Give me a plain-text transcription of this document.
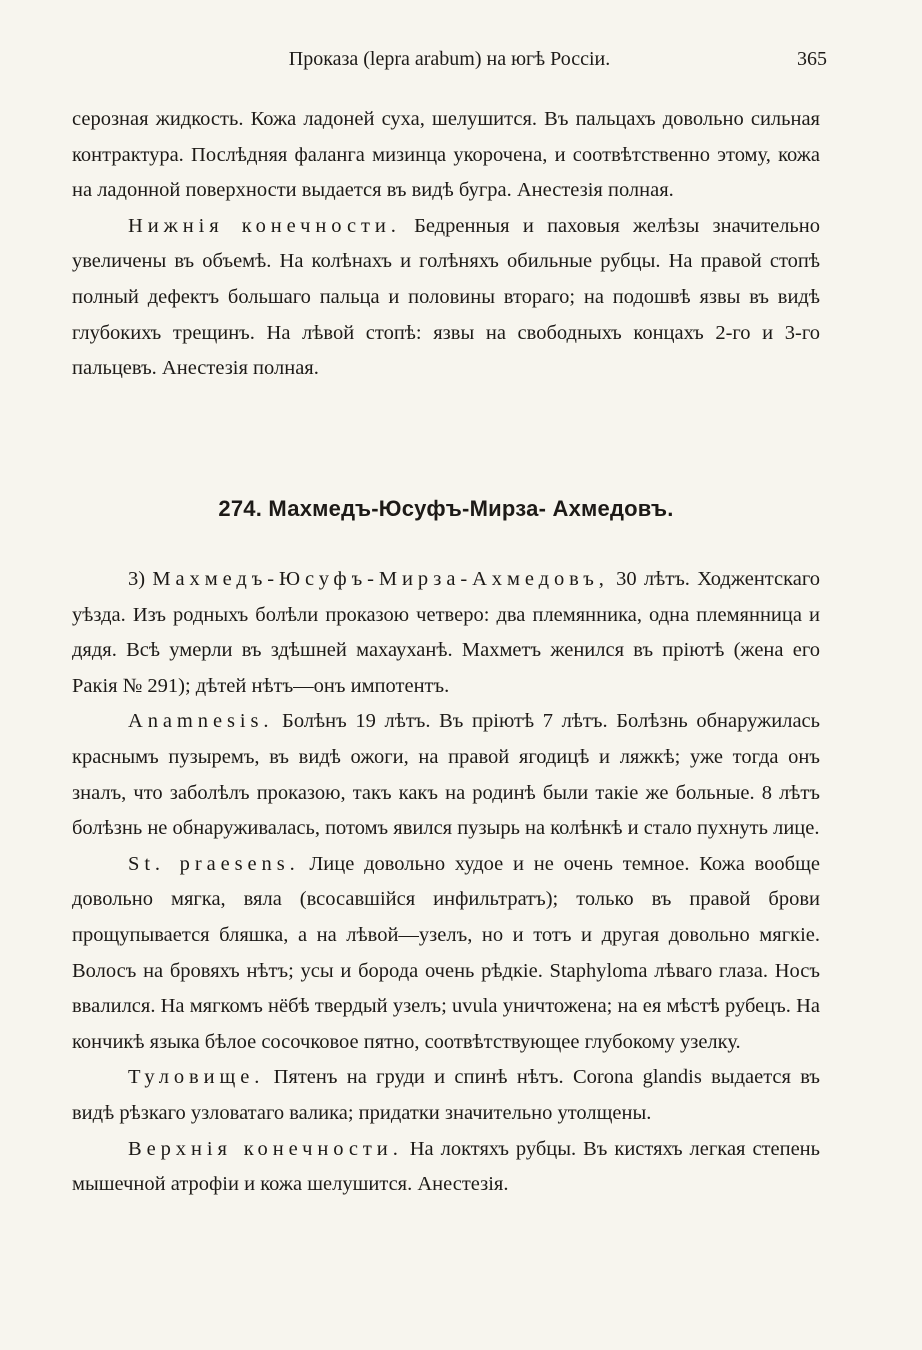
Проказа (lepra arabum) на югѣ Россіи.	365

серозная жидкость. Кожа ладоней суха, шелушится. Въ пальцахъ довольно сильная контрактура. Послѣдняя фаланга мизинца укорочена, и соотвѣтственно этому, кожа на ладонной поверхности выдается въ видѣ бугра. Анестезія полная.

Нижнія конечности. Бедренныя и паховыя желѣзы значительно увеличены въ объемѣ. На колѣнахъ и голѣняхъ обильные рубцы. На правой стопѣ полный дефектъ большаго пальца и половины втораго; на подошвѣ язвы въ видѣ глубокихъ трещинъ. На лѣвой стопѣ: язвы на свободныхъ концахъ 2-го и 3-го пальцевъ. Анестезія полная.

274. Махмедъ-Юсуфъ-Мирза- Ахмедовъ.

3) Махмедъ-Юсуфъ-Мирза-Ахмедовъ, 30 лѣтъ. Ходжентскаго уѣзда. Изъ родныхъ болѣли проказою четверо: два племянника, одна племянница и дядя. Всѣ умерли въ здѣшней махауханѣ. Махметъ женился въ пріютѣ (жена его Ракія № 291); дѣтей нѣтъ—онъ импотентъ.

Anamnesis. Болѣнъ 19 лѣтъ. Въ пріютѣ 7 лѣтъ. Болѣзнь обнаружилась краснымъ пузыремъ, въ видѣ ожоги, на правой ягодицѣ и ляжкѣ; уже тогда онъ зналъ, что заболѣлъ проказою, такъ какъ на родинѣ были такіе же больные. 8 лѣтъ болѣзнь не обнаруживалась, потомъ явился пузырь на колѣнкѣ и стало пухнуть лице.

St. praesens. Лице довольно худое и не очень темное. Кожа вообще довольно мягка, вяла (всосавшійся инфильтратъ); только въ правой брови прощупывается бляшка, а на лѣвой—узелъ, но и тотъ и другая довольно мягкіе. Волосъ на бровяхъ нѣтъ; усы и борода очень рѣдкіе. Staphyloma лѣваго глаза. Носъ ввалился. На мягкомъ нёбѣ твердый узелъ; uvula уничтожена; на ея мѣстѣ рубецъ. На кончикѣ языка бѣлое сосочковое пятно, соотвѣтствующее глубокому узелку.

Туловище. Пятенъ на груди и спинѣ нѣтъ. Corona glandis выдается въ видѣ рѣзкаго узловатаго валика; придатки значительно утолщены.

Верхнія конечности. На локтяхъ рубцы. Въ кистяхъ легкая степень мышечной атрофіи и кожа шелушится. Анестезія.
